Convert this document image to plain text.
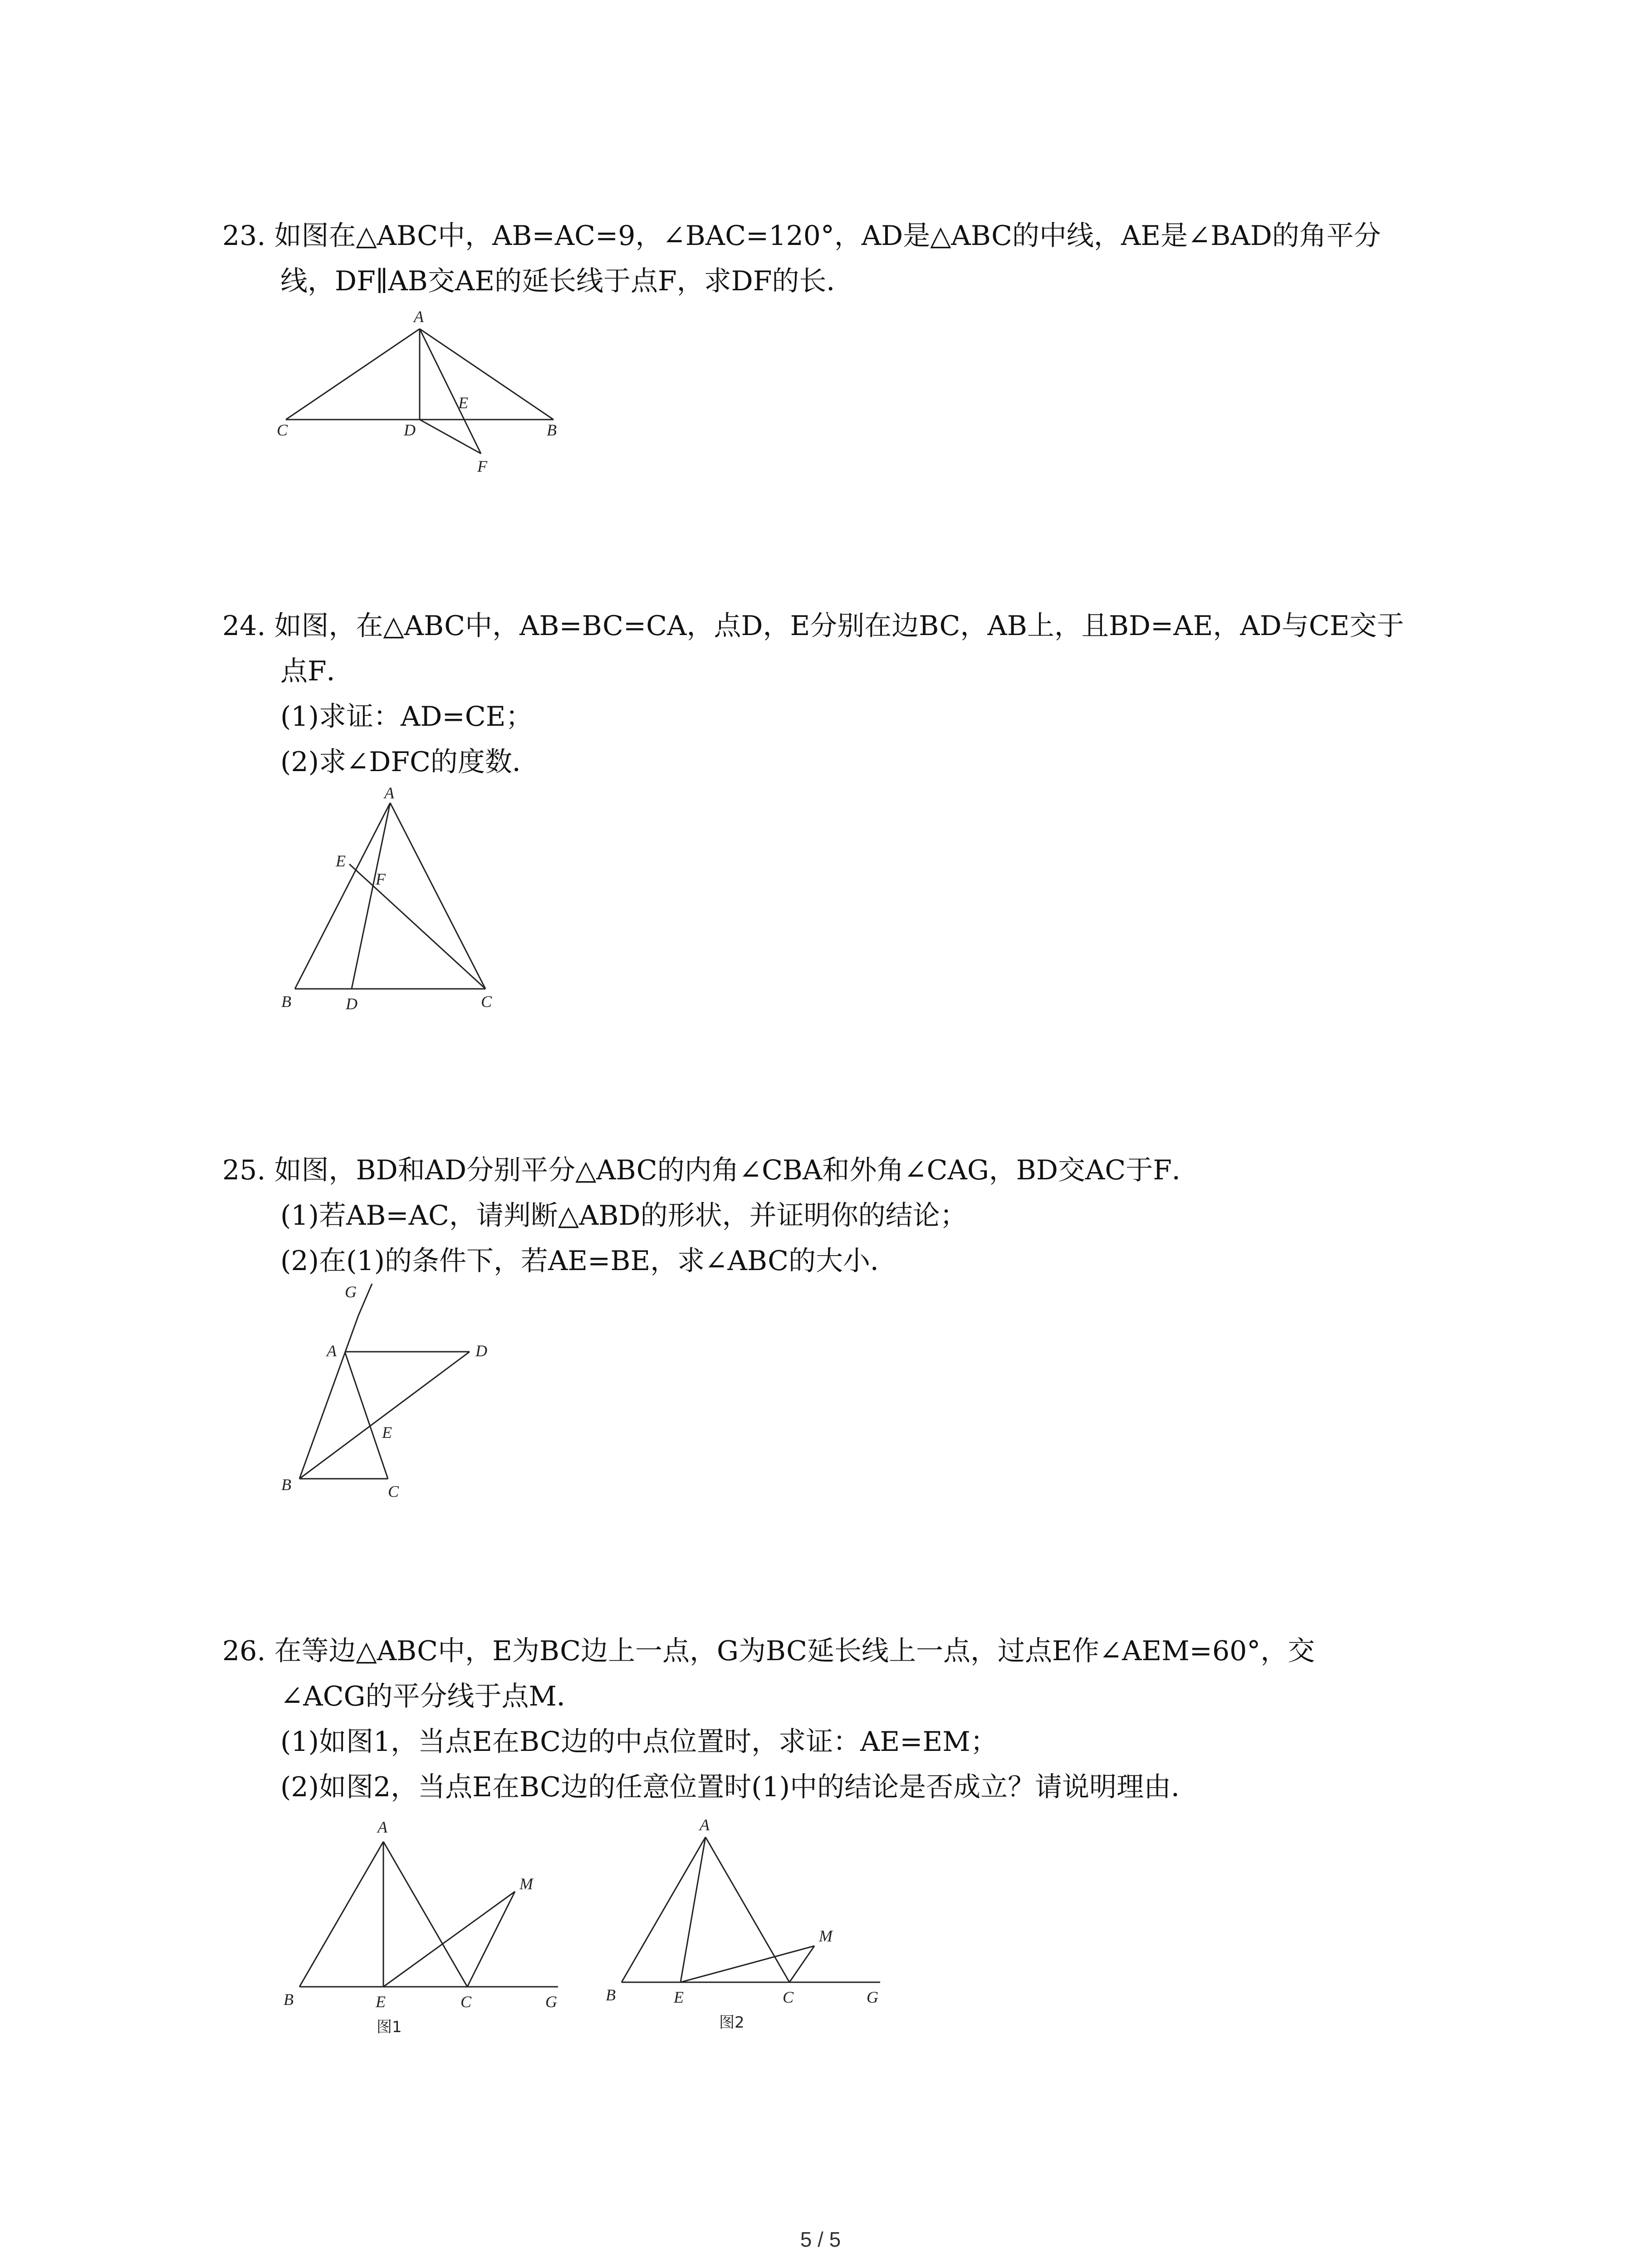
23. 如图在△ABC中，AB=AC=9，∠BAC=120°，AD是△ABC的中线，AE是∠BAD的角平分
线，DF∥AB交AE的延长线于点F，求DF的长．
A
C	D
E
B
F
24. 如图，在△ABC中，AB=BC=CA，点D，E分别在边BC，AB上，且BD=AE，AD与CE交于
点F．
(1)求证：AD=CE；
(2)求∠DFC的度数．
A
E
F
B	D	C
25. 如图，BD和AD分别平分△ABC的内角∠CBA和外角∠CAG，BD交AC于F．
(1)若AB=AC，请判断△ABD的形状，并证明你的结论；
(2)在(1)的条件下，若AE=BE，求∠ABC的大小．
G
A	D
E
B	C
26. 在等边△ABC中，E为BC边上一点，G为BC延长线上一点，过点E作∠AEM=60°，交
∠ACG的平分线于点M．
(1)如图1，当点E在BC边的中点位置时，求证：AE=EM；
(2)如图2，当点E在BC边的任意位置时(1)中的结论是否成立？请说明理由．
A
M
B	E	C	G
图1
A
M
B	E	C	G
图2
5 / 5
